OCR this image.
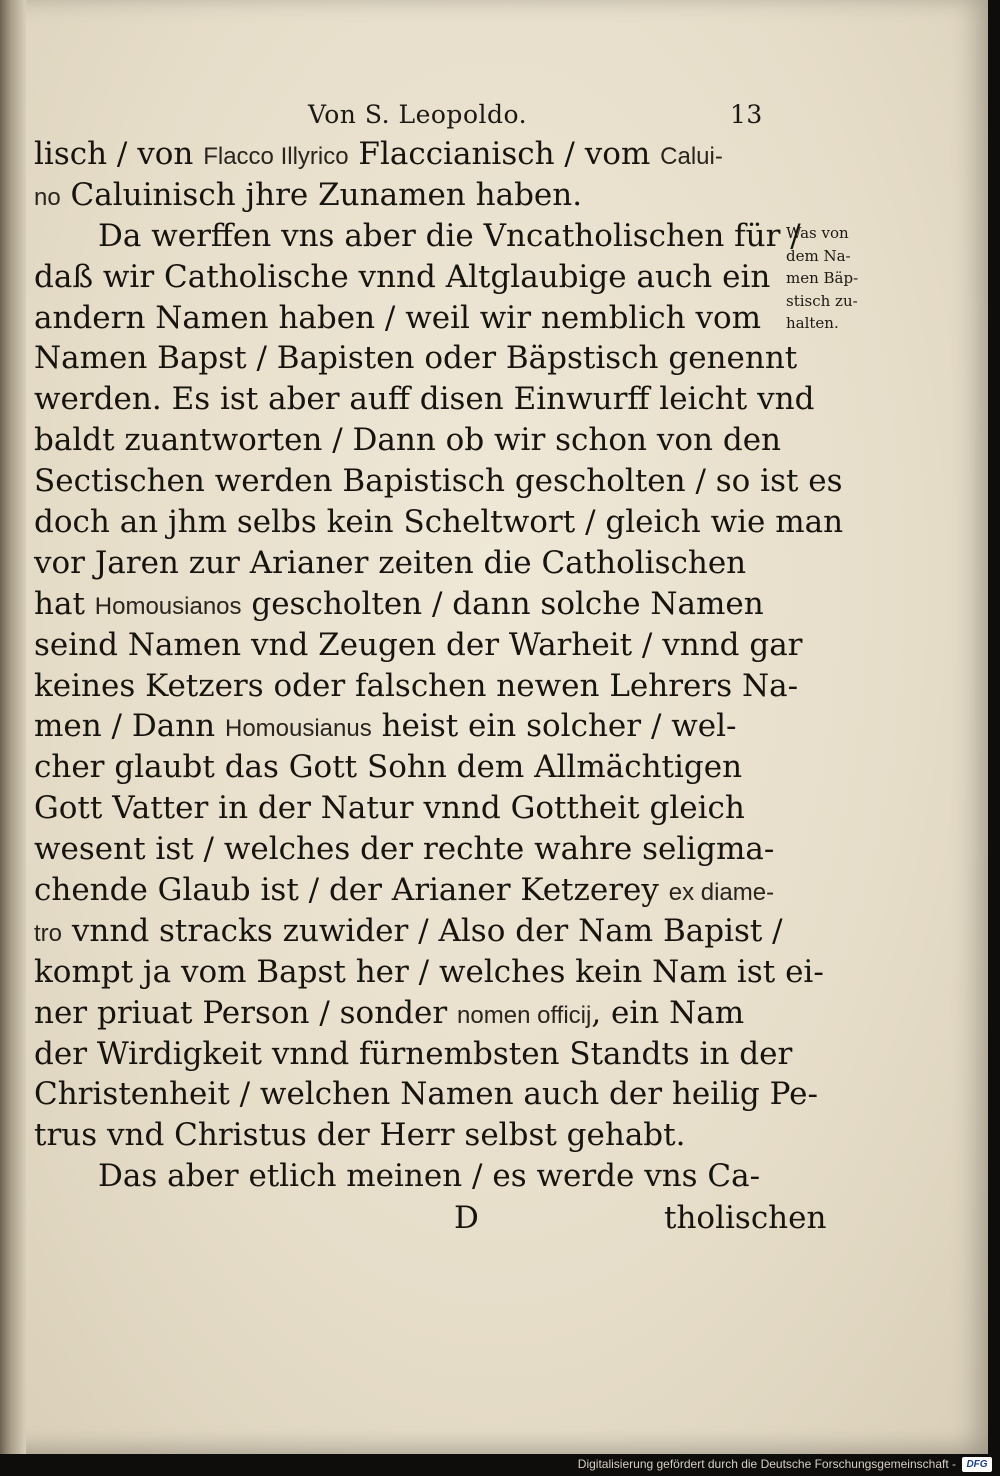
Von S. Leopoldo.	13
lisch / von Flacco Illyrico Flaccianisch / vom Calui-
no Caluinisch jhre Zunamen haben.
Da werffen vns aber die Vncatholischen für /
daß wir Catholische vnnd Altglaubige auch ein
andern Namen haben / weil wir nemblich vom
Namen Bapst / Bapisten oder Bäpstisch genennt
werden. Es ist aber auff disen Einwurff leicht vnd
baldt zuantworten / Dann ob wir schon von den
Sectischen werden Bapistisch gescholten / so ist es
doch an jhm selbs kein Scheltwort / gleich wie man
vor Jaren zur Arianer zeiten die Catholischen
hat Homousianos gescholten / dann solche Namen
seind Namen vnd Zeugen der Warheit / vnnd gar
keines Ketzers oder falschen newen Lehrers Na-
men / Dann Homousianus heist ein solcher / wel-
cher glaubt das Gott Sohn dem Allmächtigen
Gott Vatter in der Natur vnnd Gottheit gleich
wesent ist / welches der rechte wahre seligma-
chende Glaub ist / der Arianer Ketzerey ex diame-
tro vnnd stracks zuwider / Also der Nam Bapist /
kompt ja vom Bapst her / welches kein Nam ist ei-
ner priuat Person / sonder nomen officij, ein Nam
der Wirdigkeit vnnd fürnembsten Standts in der
Christenheit / welchen Namen auch der heilig Pe-
trus vnd Christus der Herr selbst gehabt.
Das aber etlich meinen / es werde vns Ca-
Was von
dem Na-
men Bäp-
stisch zu-
halten.
D	tholischen
Digitalisierung gefördert durch die Deutsche Forschungsgemeinschaft -	DFG
